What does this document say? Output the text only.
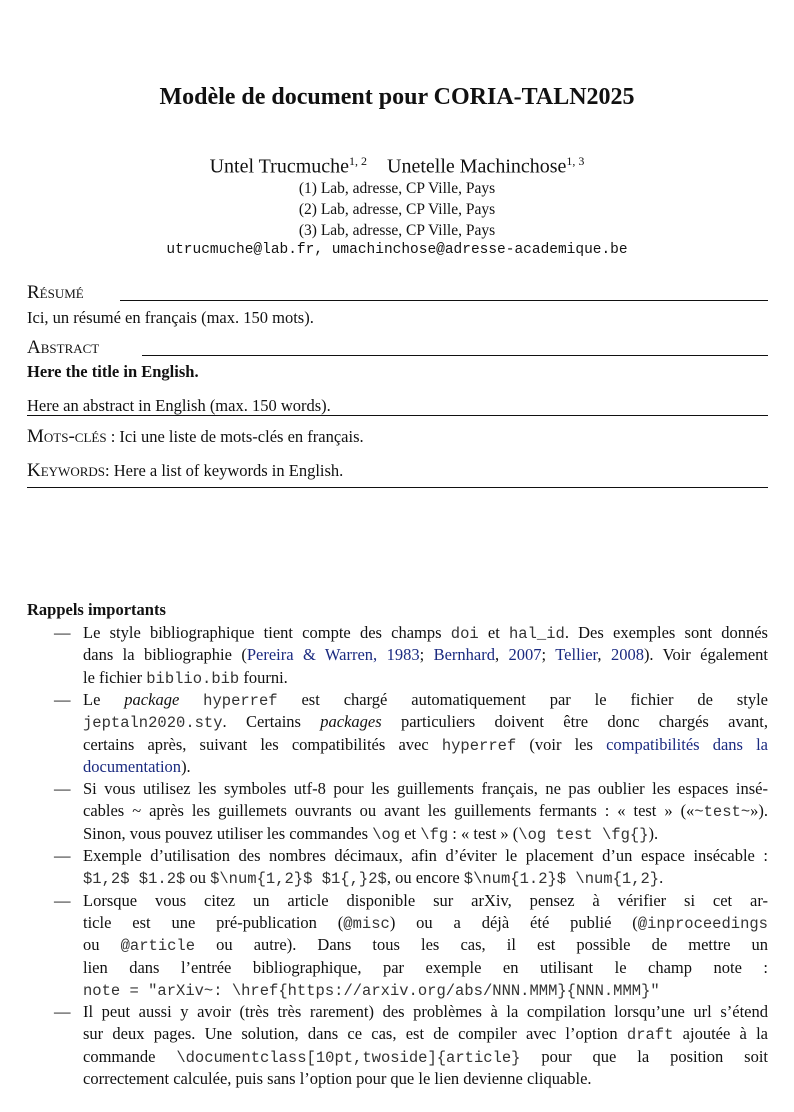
Modèle de document pour CORIA-TALN2025
Untel Trucmuche$^{1, 2}$ Unetelle Machinchose$^{1, 3}$
(1) Lab, adresse, CP Ville, Pays
(2) Lab, adresse, CP Ville, Pays
(3) Lab, adresse, CP Ville, Pays
utrucmuche@lab.fr, umachinchose@adresse-academique.be
Résumé
Ici, un résumé en français (max. 150 mots).
Abstract
Here the title in English.
Here an abstract in English (max. 150 words).
Mots-clés : Ici une liste de mots-clés en français.
Keywords: Here a list of keywords in English.
Rappels importants
— Le style bibliographique tient compte des champs doi et hal_id. Des exemples sont donnés
dans la bibliographie (Pereira & Warren, 1983; Bernhard, 2007; Tellier, 2008). Voir également
le fichier biblio.bib fourni.
— Le package hyperref est chargé automatiquement par le fichier de style
jeptaln2020.sty. Certains packages particuliers doivent être donc chargés avant,
certains après, suivant les compatibilités avec hyperref (voir les compatibilités dans la
documentation).
— Si vous utilisez les symboles utf-8 pour les guillements français, ne pas oublier les espaces insé-
cables ~ après les guillemets ouvrants ou avant les guillements fermants : « test » («~test~»).
Sinon, vous pouvez utiliser les commandes \og et \fg : « test » (\og test \fg{}).
— Exemple d’utilisation des nombres décimaux, afin d’éviter le placement d’un espace insécable :
$1,2$ $1.2$ ou $\num{1,2}$ $1{,}2$, ou encore $\num{1.2}$ \num{1,2}.
— Lorsque vous citez un article disponible sur arXiv, pensez à vérifier si cet ar-
ticle est une pré-publication (@misc) ou a déjà été publié (@inproceedings
ou @article ou autre). Dans tous les cas, il est possible de mettre un
lien dans l’entrée bibliographique, par exemple en utilisant le champ note :
note = "arXiv~: \href{https://arxiv.org/abs/NNN.MMM}{NNN.MMM}"
— Il peut aussi y avoir (très très rarement) des problèmes à la compilation lorsqu’une url s’étend
sur deux pages. Une solution, dans ce cas, est de compiler avec l’option draft ajoutée à la
commande \documentclass[10pt,twoside]{article} pour que la position soit
correctement calculée, puis sans l’option pour que le lien devienne cliquable.
